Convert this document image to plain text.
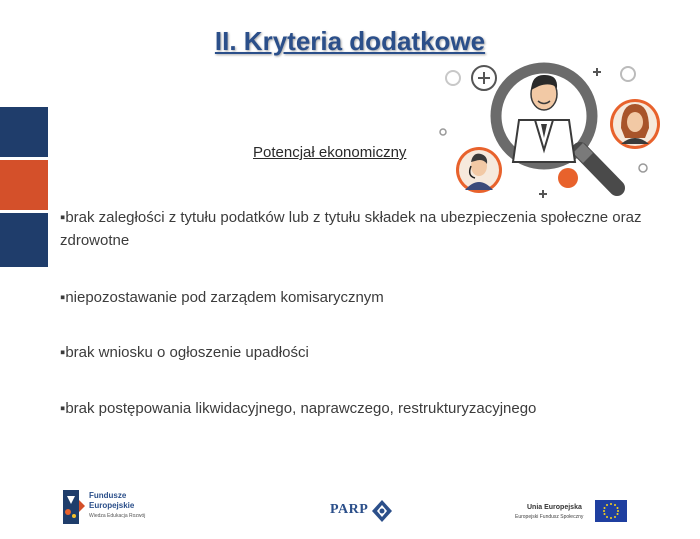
II. Kryteria dodatkowe
Potencjał ekonomiczny
▪brak zaległości z tytułu podatków lub z tytułu składek na ubezpieczenia społeczne oraz zdrowotne
▪niepozostawanie pod zarządem komisarycznym
▪brak wniosku o ogłoszenie upadłości
▪brak postępowania likwidacyjnego, naprawczego, restrukturyzacyjnego
Fundusze
Europejskie
Wiedza Edukacja Rozwój	PARP	Unia Europejska
Europejski Fundusz Społeczny
